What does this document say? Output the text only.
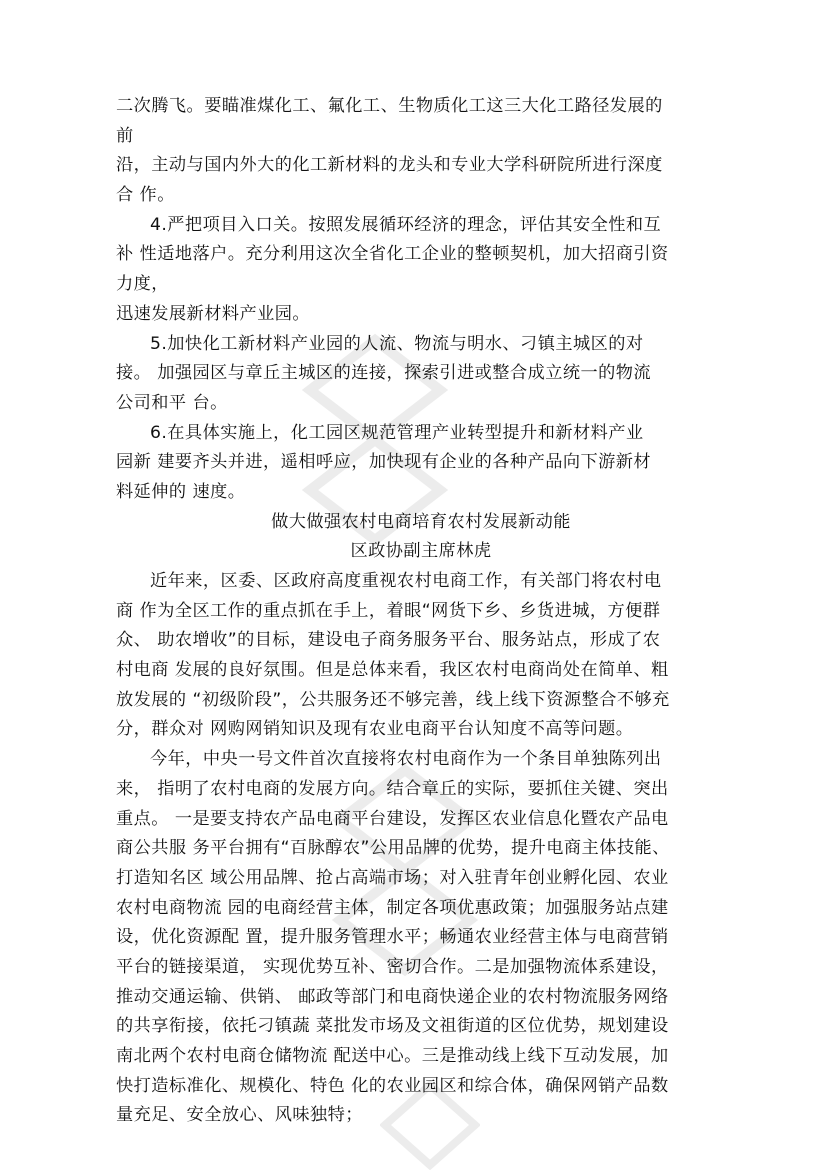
二次腾飞。要瞄准煤化工、氟化工、生物质化工这三大化工路径发展的
前
沿，主动与国内外大的化工新材料的龙头和专业大学科研院所进行深度
合 作。
4.严把项目入口关。按照发展循环经济的理念，评估其安全性和互
补 性适地落户。充分利用这次全省化工企业的整顿契机，加大招商引资
力度，
迅速发展新材料产业园。
5.加快化工新材料产业园的人流、物流与明水、刁镇主城区的对
接。 加强园区与章丘主城区的连接，探索引进或整合成立统一的物流
公司和平 台。
6.在具体实施上，化工园区规范管理产业转型提升和新材料产业
园新 建要齐头并进，遥相呼应，加快现有企业的各种产品向下游新材
料延伸的 速度。
做大做强农村电商培育农村发展新动能
区政协副主席林虎
近年来，区委、区政府高度重视农村电商工作，有关部门将农村电
商 作为全区工作的重点抓在手上，着眼“网货下乡、乡货进城，方便群
众、 助农增收”的目标，建设电子商务服务平台、服务站点，形成了农
村电商 发展的良好氛围。但是总体来看，我区农村电商尚处在简单、粗
放发展的 “初级阶段”，公共服务还不够完善，线上线下资源整合不够充
分，群众对 网购网销知识及现有农业电商平台认知度不高等问题。
今年，中央一号文件首次直接将农村电商作为一个条目单独陈列出
来， 指明了农村电商的发展方向。结合章丘的实际，要抓住关键、突出
重点。 一是要支持农产品电商平台建设，发挥区农业信息化暨农产品电
商公共服 务平台拥有“百脉醇农”公用品牌的优势，提升电商主体技能、
打造知名区 域公用品牌、抢占高端市场；对入驻青年创业孵化园、农业
农村电商物流 园的电商经营主体，制定各项优惠政策；加强服务站点建
设，优化资源配 置，提升服务管理水平；畅通农业经营主体与电商营销
平台的链接渠道， 实现优势互补、密切合作。二是加强物流体系建设，
推动交通运输、供销、 邮政等部门和电商快递企业的农村物流服务网络
的共享衔接，依托刁镇蔬 菜批发市场及文祖街道的区位优势，规划建设
南北两个农村电商仓储物流 配送中心。三是推动线上线下互动发展，加
快打造标准化、规模化、特色 化的农业园区和综合体，确保网销产品数
量充足、安全放心、风味独特；
